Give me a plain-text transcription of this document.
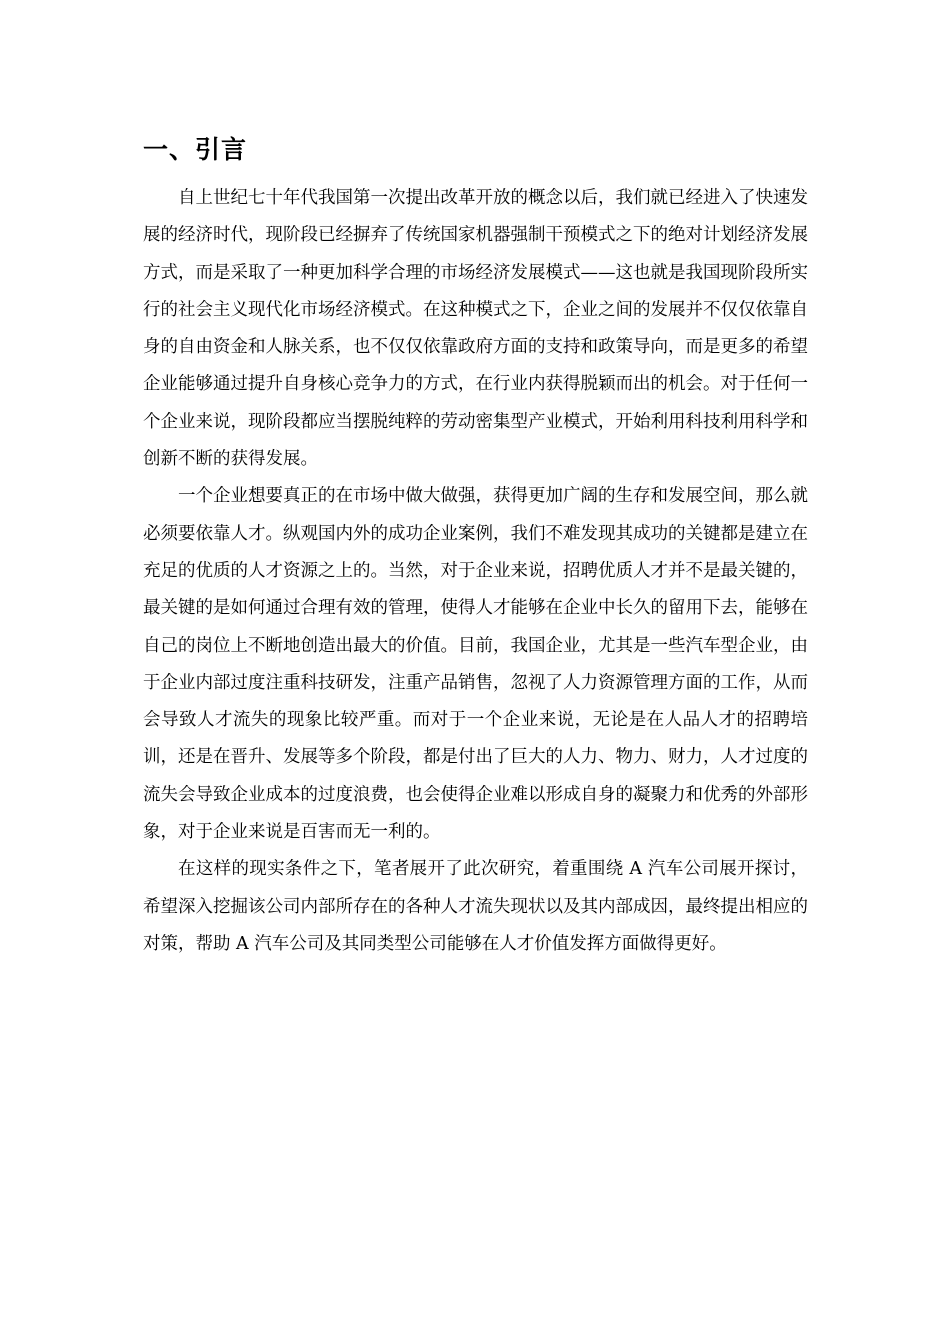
一、引言

自上世纪七十年代我国第一次提出改革开放的概念以后，我们就已经进入了快速发展的经济时代，现阶段已经摒弃了传统国家机器强制干预模式之下的绝对计划经济发展方式，而是采取了一种更加科学合理的市场经济发展模式——这也就是我国现阶段所实行的社会主义现代化市场经济模式。在这种模式之下，企业之间的发展并不仅仅依靠自身的自由资金和人脉关系，也不仅仅依靠政府方面的支持和政策导向，而是更多的希望企业能够通过提升自身核心竞争力的方式，在行业内获得脱颖而出的机会。对于任何一个企业来说，现阶段都应当摆脱纯粹的劳动密集型产业模式，开始利用科技利用科学和创新不断的获得发展。

一个企业想要真正的在市场中做大做强，获得更加广阔的生存和发展空间，那么就必须要依靠人才。纵观国内外的成功企业案例，我们不难发现其成功的关键都是建立在充足的优质的人才资源之上的。当然，对于企业来说，招聘优质人才并不是最关键的，最关键的是如何通过合理有效的管理，使得人才能够在企业中长久的留用下去，能够在自己的岗位上不断地创造出最大的价值。目前，我国企业，尤其是一些汽车型企业，由于企业内部过度注重科技研发，注重产品销售，忽视了人力资源管理方面的工作，从而会导致人才流失的现象比较严重。而对于一个企业来说，无论是在人品人才的招聘培训，还是在晋升、发展等多个阶段，都是付出了巨大的人力、物力、财力，人才过度的流失会导致企业成本的过度浪费，也会使得企业难以形成自身的凝聚力和优秀的外部形象，对于企业来说是百害而无一利的。

在这样的现实条件之下，笔者展开了此次研究，着重围绕 A 汽车公司展开探讨，希望深入挖掘该公司内部所存在的各种人才流失现状以及其内部成因，最终提出相应的对策，帮助 A 汽车公司及其同类型公司能够在人才价值发挥方面做得更好。
